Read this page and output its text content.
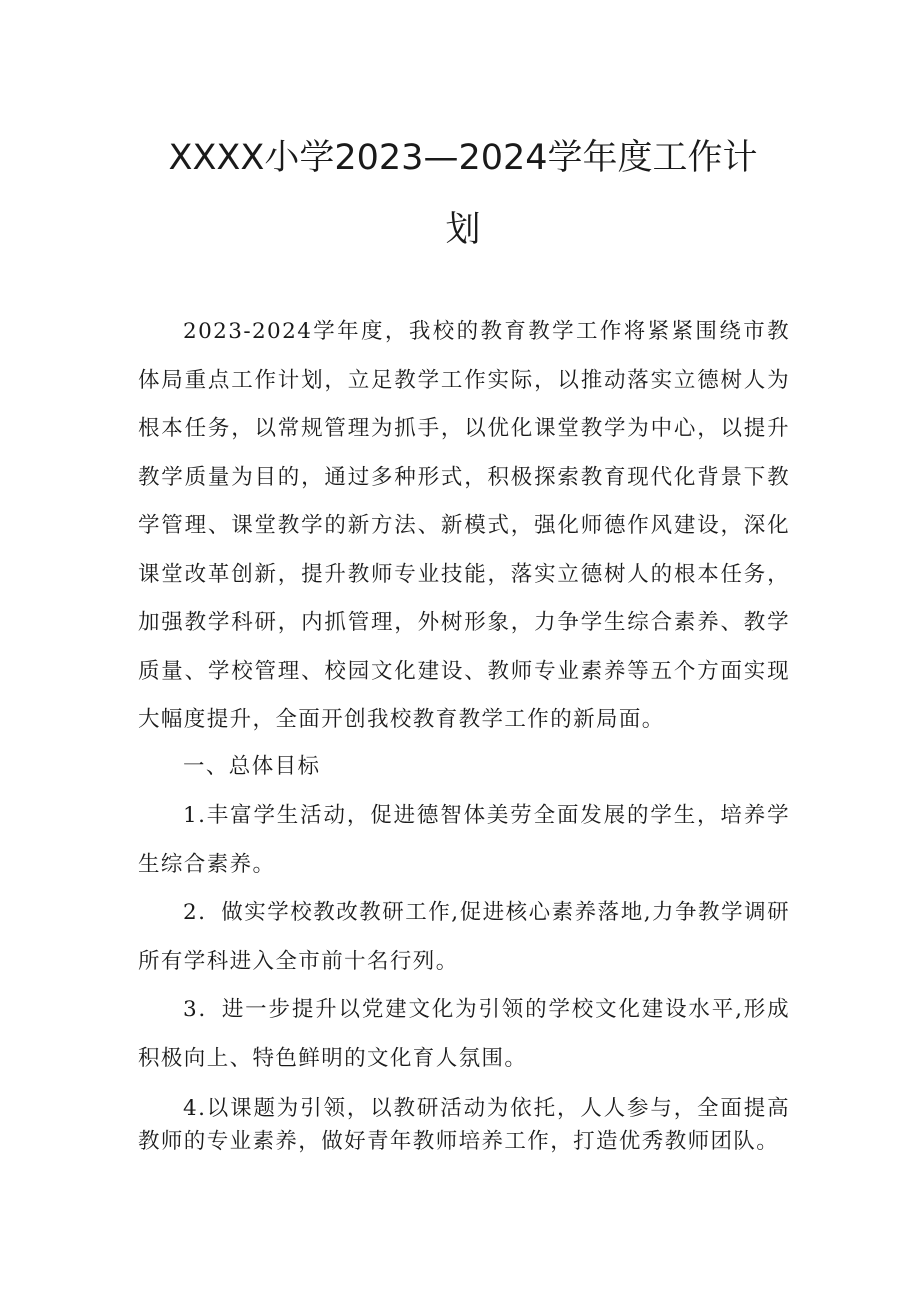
XXXX小学2023—2024学年度工作计
划

2023-2024学年度，我校的教育教学工作将紧紧围绕市教体局重点工作计划，立足教学工作实际，以推动落实立德树人为根本任务，以常规管理为抓手，以优化课堂教学为中心，以提升教学质量为目的，通过多种形式，积极探索教育现代化背景下教学管理、课堂教学的新方法、新模式，强化师德作风建设，深化课堂改革创新，提升教师专业技能，落实立德树人的根本任务，加强教学科研，内抓管理，外树形象，力争学生综合素养、教学质量、学校管理、校园文化建设、教师专业素养等五个方面实现大幅度提升，全面开创我校教育教学工作的新局面。

一、总体目标

1.丰富学生活动，促进德智体美劳全面发展的学生，培养学生综合素养。

2．做实学校教改教研工作,促进核心素养落地,力争教学调研所有学科进入全市前十名行列。

3．进一步提升以党建文化为引领的学校文化建设水平,形成积极向上、特色鲜明的文化育人氛围。

4.以课题为引领，以教研活动为依托，人人参与，全面提高教师的专业素养，做好青年教师培养工作，打造优秀教师团队。
